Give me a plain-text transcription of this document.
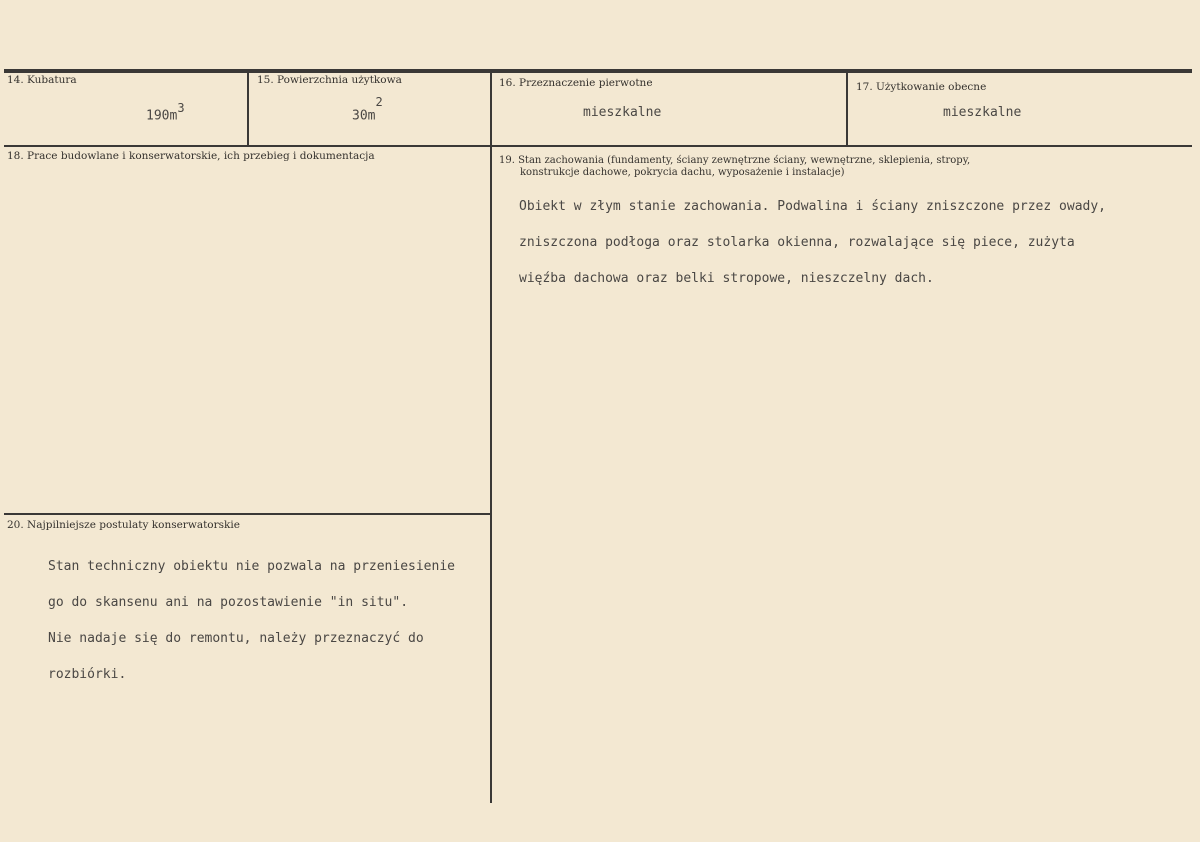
14. Kubatura
$190m^3$
15. Powierzchnia użytkowa
$30m^2$
16. Przeznaczenie pierwotne
mieszkalne
17. Użytkowanie obecne
mieszkalne
18. Prace budowlane i konserwatorskie, ich przebieg i dokumentacja	19. Stan zachowania (fundamenty, ściany zewnętrzne ściany, wewnętrzne, sklepienia, stropy,
konstrukcje dachowe, pokrycia dachu, wyposażenie i instalacje)
Obiekt w złym stanie zachowania. Podwalina i ściany zniszczone przez owady,
zniszczona podłoga oraz stolarka okienna, rozwalające się piece, zużyta
więźba dachowa oraz belki stropowe, nieszczelny dach.
20. Najpilniejsze postulaty konserwatorskie
Stan techniczny obiektu nie pozwala na przeniesienie
go do skansenu ani na pozostawienie "in situ".
Nie nadaje się do remontu, należy przeznaczyć do
rozbiórki.
